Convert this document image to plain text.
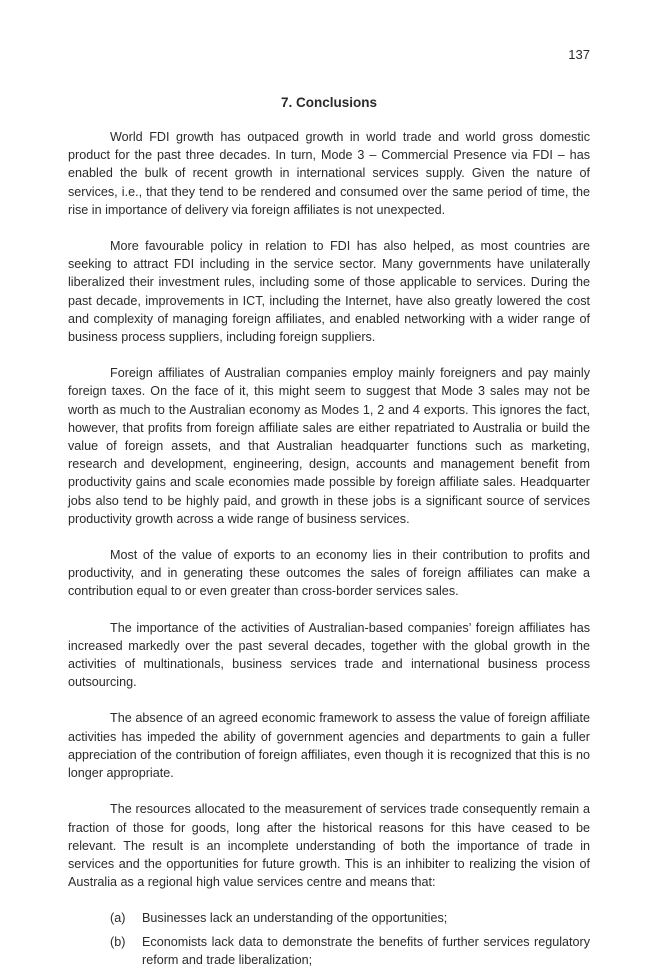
137
7. Conclusions

World FDI growth has outpaced growth in world trade and world gross domestic product for the past three decades. In turn, Mode 3 – Commercial Presence via FDI – has enabled the bulk of recent growth in international services supply. Given the nature of services, i.e., that they tend to be rendered and consumed over the same period of time, the rise in importance of delivery via foreign affiliates is not unexpected.

More favourable policy in relation to FDI has also helped, as most countries are seeking to attract FDI including in the service sector. Many governments have unilaterally liberalized their investment rules, including some of those applicable to services. During the past decade, improvements in ICT, including the Internet, have also greatly lowered the cost and complexity of managing foreign affiliates, and enabled networking with a wider range of business process suppliers, including foreign suppliers.

Foreign affiliates of Australian companies employ mainly foreigners and pay mainly foreign taxes. On the face of it, this might seem to suggest that Mode 3 sales may not be worth as much to the Australian economy as Modes 1, 2 and 4 exports. This ignores the fact, however, that profits from foreign affiliate sales are either repatriated to Australia or build the value of foreign assets, and that Australian headquarter functions such as marketing, research and development, engineering, design, accounts and management benefit from productivity gains and scale economies made possible by foreign affiliate sales. Headquarter jobs also tend to be highly paid, and growth in these jobs is a significant source of services productivity growth across a wide range of business services.

Most of the value of exports to an economy lies in their contribution to profits and productivity, and in generating these outcomes the sales of foreign affiliates can make a contribution equal to or even greater than cross-border services sales.

The importance of the activities of Australian-based companies’ foreign affiliates has increased markedly over the past several decades, together with the global growth in the activities of multinationals, business services trade and international business process outsourcing.

The absence of an agreed economic framework to assess the value of foreign affiliate activities has impeded the ability of government agencies and departments to gain a fuller appreciation of the contribution of foreign affiliates, even though it is recognized that this is no longer appropriate.

The resources allocated to the measurement of services trade consequently remain a fraction of those for goods, long after the historical reasons for this have ceased to be relevant. The result is an incomplete understanding of both the importance of trade in services and the opportunities for future growth. This is an inhibiter to realizing the vision of Australia as a regional high value services centre and means that:

(a) Businesses lack an understanding of the opportunities;
(b) Economists lack data to demonstrate the benefits of further services regulatory reform and trade liberalization;
